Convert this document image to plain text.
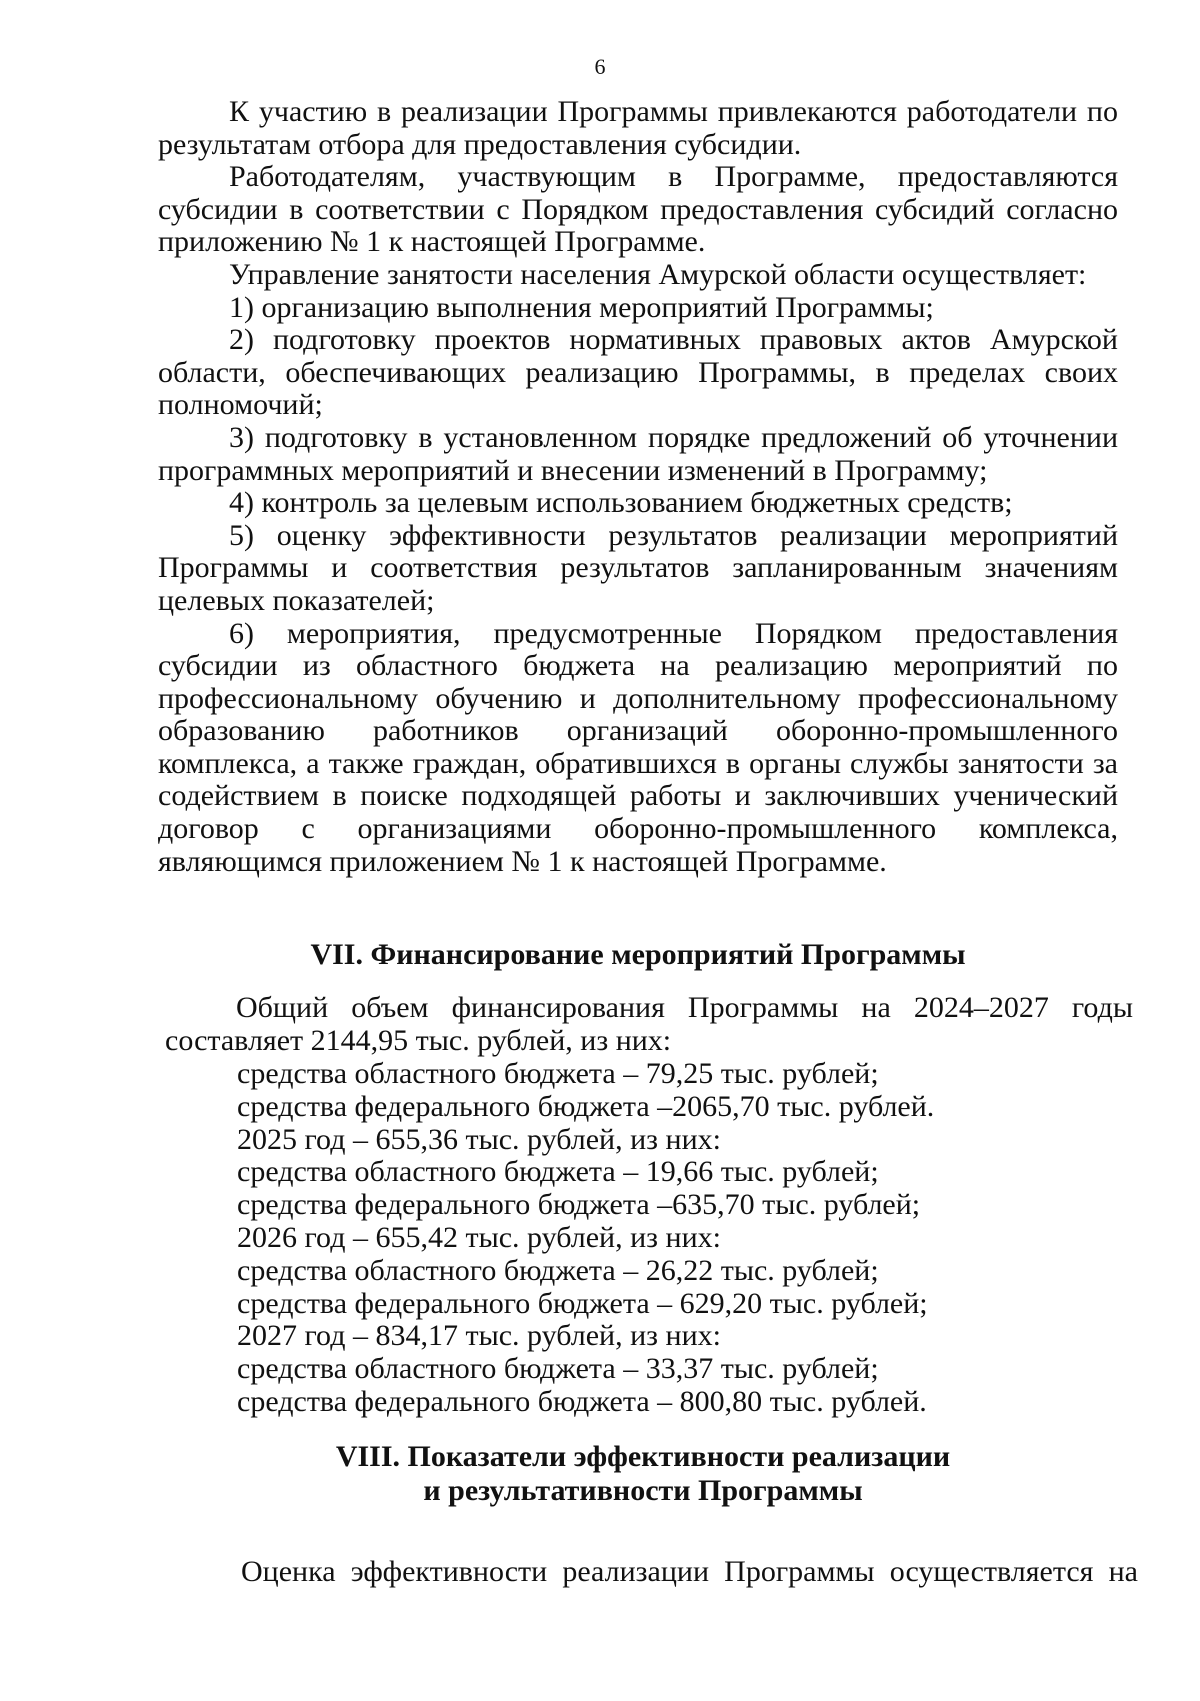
6

К участию в реализации Программы привлекаются работодатели по результатам отбора для предоставления субсидии.

Работодателям, участвующим в Программе, предоставляются субсидии в соответствии с Порядком предоставления субсидий согласно приложению № 1 к настоящей Программе.

Управление занятости населения Амурской области осуществляет:

1) организацию выполнения мероприятий Программы;

2) подготовку проектов нормативных правовых актов Амурской области, обеспечивающих реализацию Программы, в пределах своих полномочий;

3) подготовку в установленном порядке предложений об уточнении программных мероприятий и внесении изменений в Программу;

4) контроль за целевым использованием бюджетных средств;

5) оценку эффективности результатов реализации мероприятий Программы и соответствия результатов запланированным значениям целевых показателей;

6) мероприятия, предусмотренные Порядком предоставления субсидии из областного бюджета на реализацию мероприятий по профессиональному обучению и дополнительному профессиональному образованию работников организаций оборонно-промышленного комплекса, а также граждан, обратившихся в органы службы занятости за содействием в поиске подходящей работы и заключивших ученический договор с организациями оборонно-промышленного комплекса, являющимся приложением № 1 к настоящей Программе.

VII. Финансирование мероприятий Программы

Общий объем финансирования Программы на 2024–2027 годы составляет 2144,95 тыс. рублей, из них:

средства областного бюджета – 79,25 тыс. рублей;
средства федерального бюджета –2065,70 тыс. рублей.
2025 год – 655,36 тыс. рублей, из них:
средства областного бюджета – 19,66 тыс. рублей;
средства федерального бюджета –635,70 тыс. рублей;
2026 год – 655,42 тыс. рублей, из них:
средства областного бюджета – 26,22 тыс. рублей;
средства федерального бюджета – 629,20 тыс. рублей;
2027 год – 834,17 тыс. рублей, из них:
средства областного бюджета – 33,37 тыс. рублей;
средства федерального бюджета – 800,80 тыс. рублей.
VIII. Показатели эффективности реализации
и результативности Программы

Оценка эффективности реализации Программы осуществляется на
